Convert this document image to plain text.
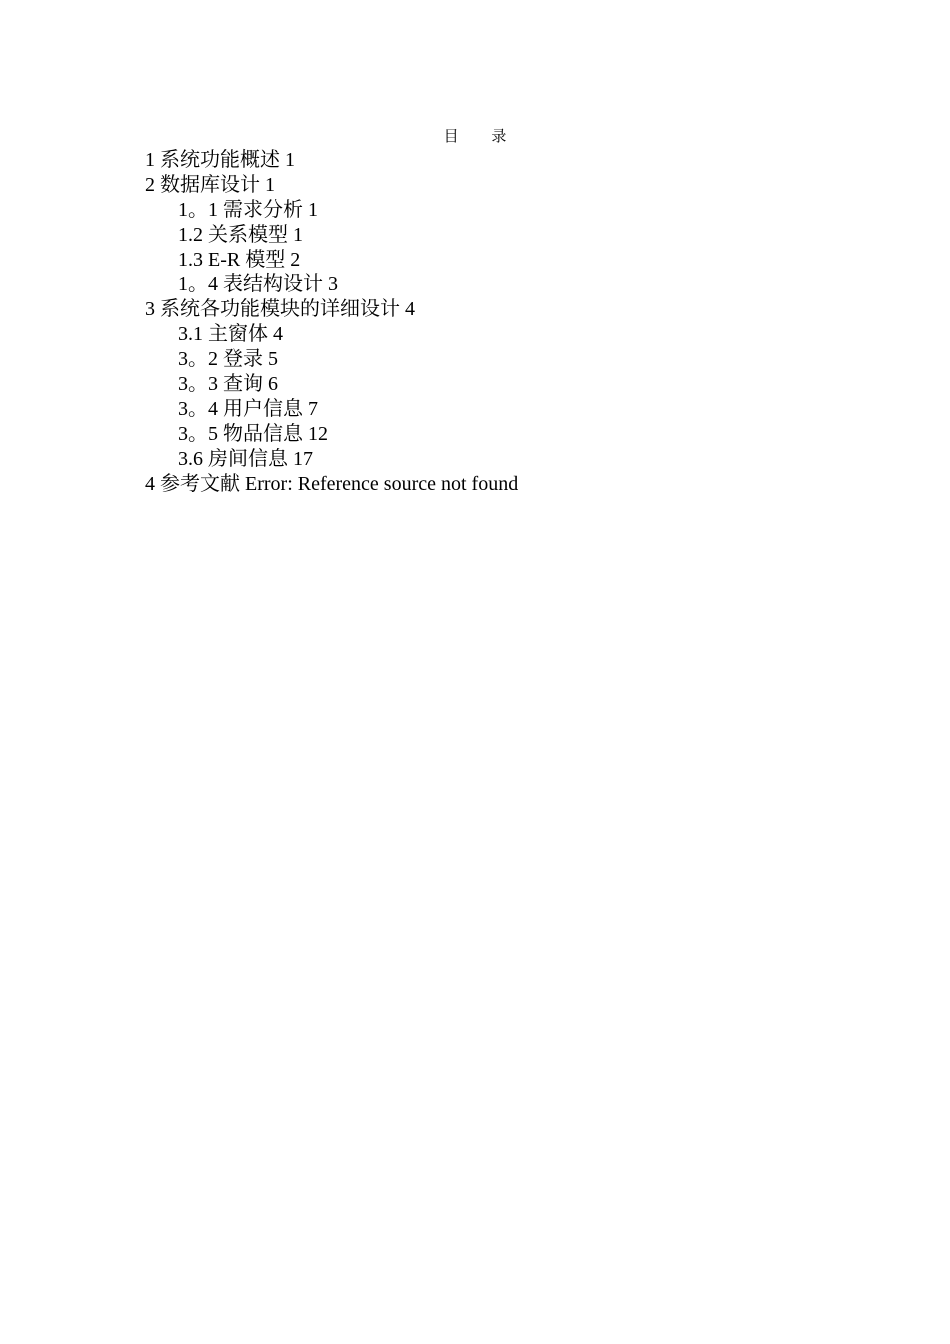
目 录
1 系统功能概述 1
2 数据库设计 1
1。1 需求分析 1
1.2 关系模型 1
1.3 E-R 模型 2
1。4 表结构设计 3
3 系统各功能模块的详细设计 4
3.1 主窗体 4
3。2 登录 5
3。3 查询 6
3。4 用户信息 7
3。5 物品信息 12
3.6 房间信息 17
4 参考文献 Error: Reference source not found
